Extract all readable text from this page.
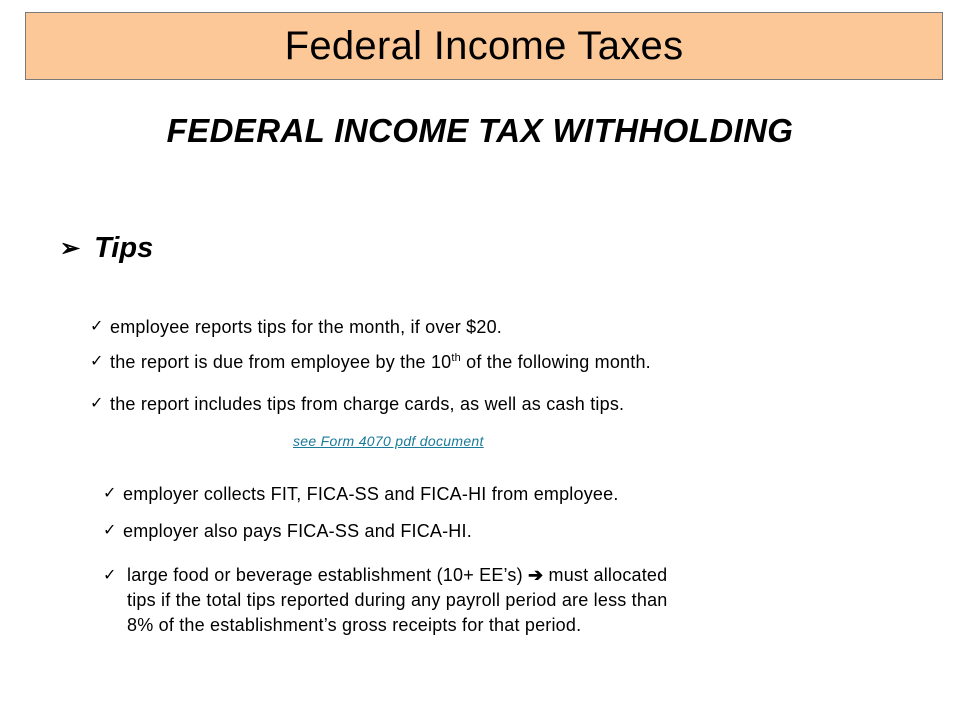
Federal Income Taxes
FEDERAL INCOME TAX WITHHOLDING
➢ Tips
✓ employee reports tips for the month, if over $20.
✓ the report is due from employee by the 10th of the following month.
✓ the report includes tips from charge cards, as well as cash tips.
see Form 4070 pdf document
✓ employer collects FIT, FICA-SS and FICA-HI from employee.
✓ employer also pays FICA-SS and FICA-HI.
✓ large food or beverage establishment (10+ EE’s) ➔ must allocated
tips if the total tips reported during any payroll period are less than
8% of the establishment’s gross receipts for that period.
